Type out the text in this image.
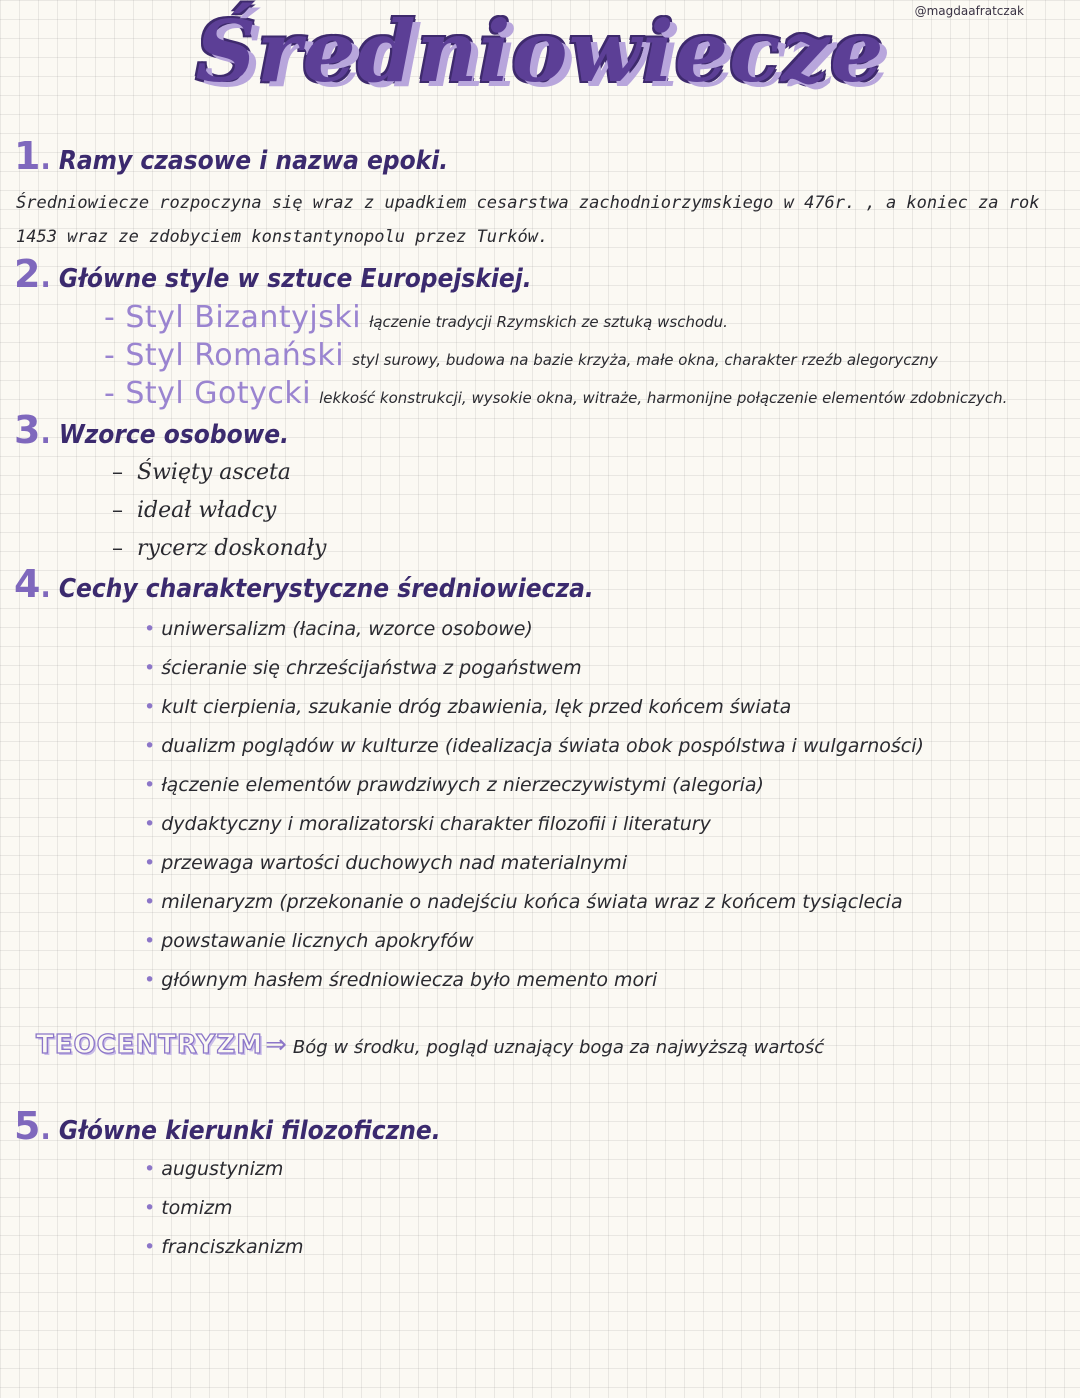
@magdaafratczak
Średniowiecze
1. Ramy czasowe i nazwa epoki.
Średniowiecze rozpoczyna się wraz z upadkiem cesarstwa zachodniorzymskiego w 476r. , a koniec za rok
1453 wraz ze zdobyciem konstantynopolu przez Turków.
2. Główne style w sztuce Europejskiej.
- Styl Bizantyjski łączenie tradycji Rzymskich ze sztuką wschodu.
- Styl Romański styl surowy, budowa na bazie krzyża, małe okna, charakter rzeźb alegoryczny
- Styl Gotycki lekkość konstrukcji, wysokie okna, witraże, harmonijne połączenie elementów zdobniczych.
3. Wzorce osobowe.
– Święty asceta
– ideał władcy
– rycerz doskonały
4. Cechy charakterystyczne średniowiecza.
• uniwersalizm (łacina, wzorce osobowe)
• ścieranie się chrześcijaństwa z pogaństwem
• kult cierpienia, szukanie dróg zbawienia, lęk przed końcem świata
• dualizm poglądów w kulturze (idealizacja świata obok pospólstwa i wulgarności)
• łączenie elementów prawdziwych z nierzeczywistymi (alegoria)
• dydaktyczny i moralizatorski charakter filozofii i literatury
• przewaga wartości duchowych nad materialnymi
• milenaryzm (przekonanie o nadejściu końca świata wraz z końcem tysiąclecia
• powstawanie licznych apokryfów
• głównym hasłem średniowiecza było memento mori
TEOCENTRYZM⇒ Bóg w środku, pogląd uznający boga za najwyższą wartość
5. Główne kierunki filozoficzne.
• augustynizm
• tomizm
• franciszkanizm
